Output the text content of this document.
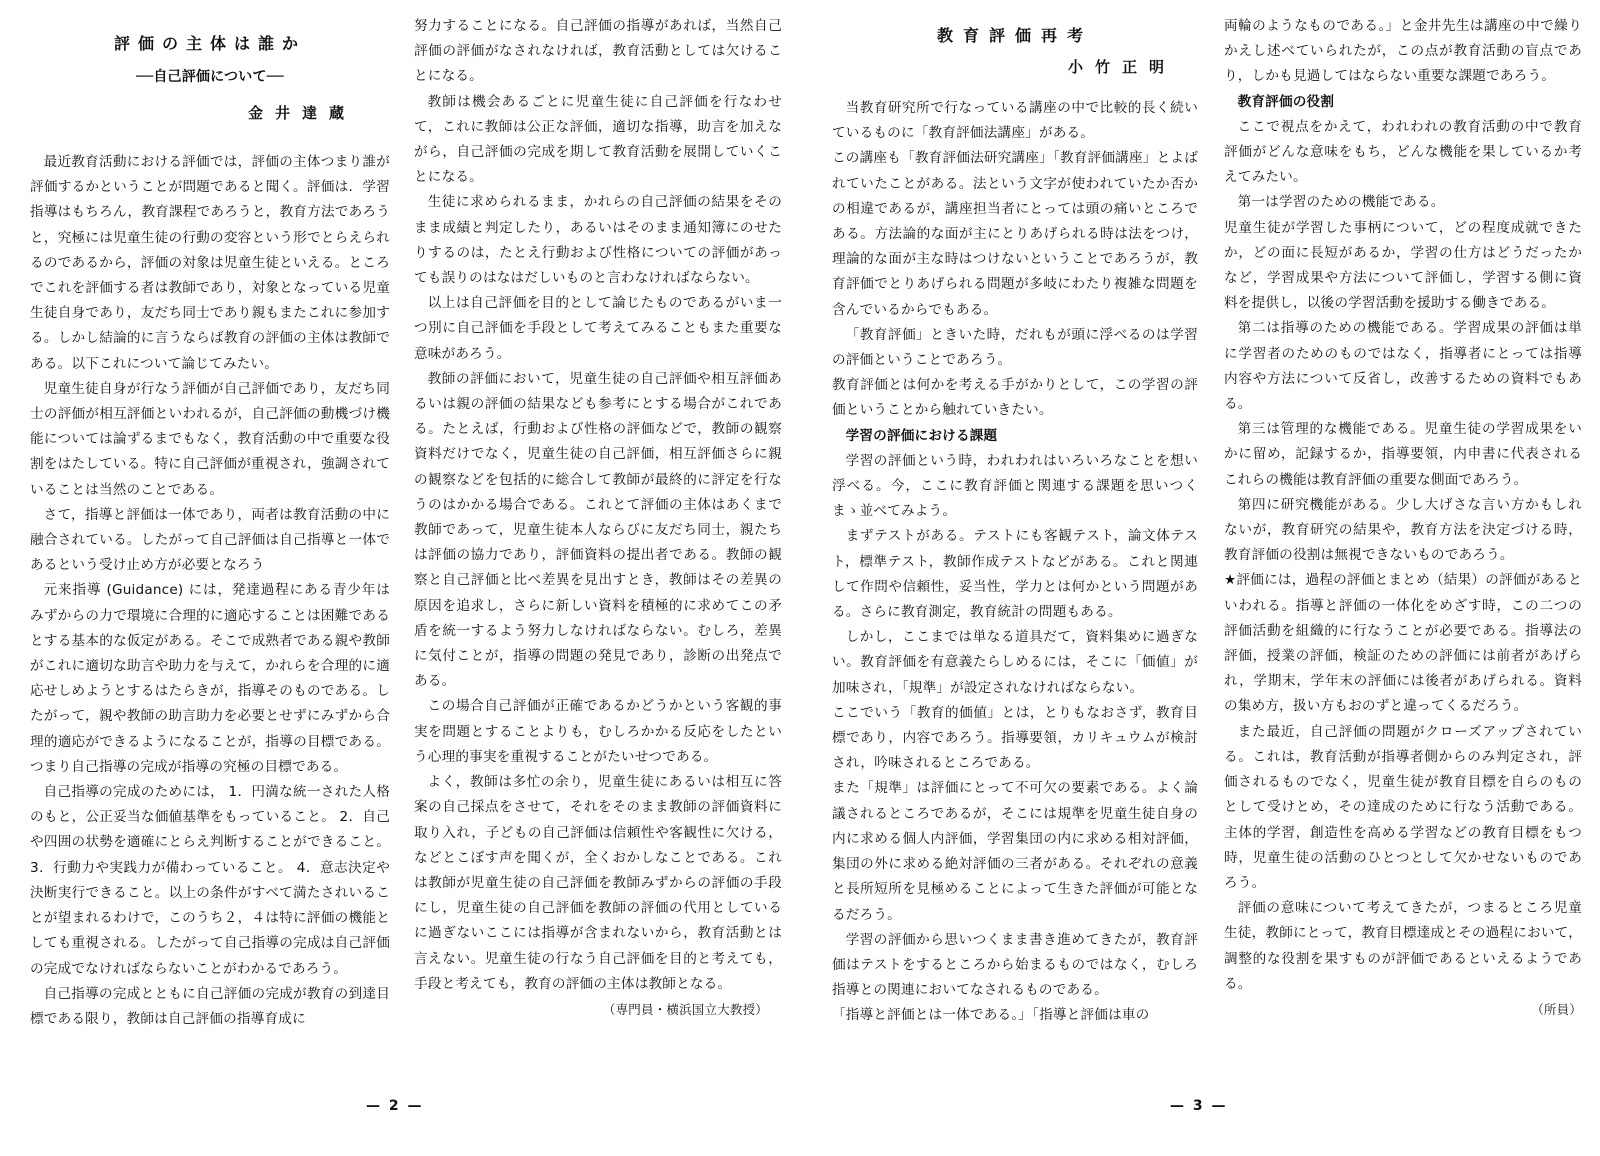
評価の主体は誰か
──自己評価について──
金井達蔵

最近教育活動における評価では，評価の主体つまり誰が評価するかということが問題であると聞く。評価は．学習指導はもちろん，教育課程であろうと，教育方法であろうと，究極には児童生徒の行動の変容という形でとらえられるのであるから，評価の対象は児童生徒といえる。ところでこれを評価する者は教師であり，対象となっている児童生徒自身であり，友だち同士であり親もまたこれに参加する。しかし結論的に言うならば教育の評価の主体は教師である。以下これについて論じてみたい。

児童生徒自身が行なう評価が自己評価であり，友だち同士の評価が相互評価といわれるが，自己評価の動機づけ機能については論ずるまでもなく，教育活動の中で重要な役割をはたしている。特に自己評価が重視され，強調されていることは当然のことである。

さて，指導と評価は一体であり，両者は教育活動の中に融合されている。したがって自己評価は自己指導と一体であるという受け止め方が必要となろう

元来指導 (Guidance) には，発達過程にある青少年はみずからの力で環境に合理的に適応することは困難であるとする基本的な仮定がある。そこで成熟者である親や教師がこれに適切な助言や助力を与えて，かれらを合理的に適応せしめようとするはたらきが，指導そのものである。したがって，親や教師の助言助力を必要とせずにみずから合理的適応ができるようになることが，指導の目標である。つまり自己指導の完成が指導の究極の目標である。

自己指導の完成のためには， 1．円満な統一された人格のもと，公正妥当な価値基準をもっていること。 2．自己や四囲の状勢を適確にとらえ判断することができること。 3．行動力や実践力が備わっていること。 4．意志決定や決断実行できること。以上の条件がすべて満たされいることが望まれるわけで，このうち２，４は特に評価の機能としても重視される。したがって自己指導の完成は自己評価の完成でなければならないことがわかるであろう。

自己指導の完成とともに自己評価の完成が教育の到達目標である限り，教師は自己評価の指導育成に

努力することになる。自己評価の指導があれば，当然自己評価の評価がなされなければ，教育活動としては欠けることになる。

教師は機会あるごとに児童生徒に自己評価を行なわせて，これに教師は公正な評価，適切な指導，助言を加えながら，自己評価の完成を期して教育活動を展開していくことになる。

生徒に求められるまま，かれらの自己評価の結果をそのまま成績と判定したり，あるいはそのまま通知簿にのせたりするのは，たとえ行動および性格についての評価があっても誤りのはなはだしいものと言わなければならない。

以上は自己評価を目的として論じたものであるがいま一つ別に自己評価を手段として考えてみることもまた重要な意味があろう。

教師の評価において，児童生徒の自己評価や相互評価あるいは親の評価の結果なども参考にとする場合がこれである。たとえば，行動および性格の評価などで，教師の観察資料だけでなく，児童生徒の自己評価，相互評価さらに親の観察などを包括的に総合して教師が最終的に評定を行なうのはかかる場合である。これとて評価の主体はあくまで教師であって，児童生徒本人ならびに友だち同士，親たちは評価の協力であり，評価資料の提出者である。教師の観察と自己評価と比べ差異を見出すとき，教師はその差異の原因を追求し，さらに新しい資料を積極的に求めてこの矛盾を統一するよう努力しなければならない。むしろ，差異に気付ことが，指導の問題の発見であり，診断の出発点である。

この場合自己評価が正確であるかどうかという客観的事実を問題とすることよりも，むしろかかる反応をしたという心理的事実を重視することがたいせつである。

よく，教師は多忙の余り，児童生徒にあるいは相互に答案の自己採点をさせて，それをそのまま教師の評価資料に取り入れ，子どもの自己評価は信頼性や客観性に欠ける，などとこぼす声を聞くが，全くおかしなことである。これは教師が児童生徒の自己評価を教師みずからの評価の手段にし，児童生徒の自己評価を教師の評価の代用としているに過ぎないここには指導が含まれないから，教育活動とは言えない。児童生徒の行なう自己評価を目的と考えても，手段と考えても，教育の評価の主体は教師となる。

（専門員・横浜国立大教授）
— 2 —
教育評価再考
小竹正明

当教育研究所で行なっている講座の中で比較的長く続いているものに「教育評価法講座」がある。

この講座も「教育評価法研究講座」「教育評価講座」とよばれていたことがある。法という文字が使われていたか否かの相違であるが，講座担当者にとっては頭の痛いところである。方法論的な面が主にとりあげられる時は法をつけ，理論的な面が主な時はつけないということであろうが，教育評価でとりあげられる問題が多岐にわたり複雑な問題を含んでいるからでもある。

「教育評価」ときいた時，だれもが頭に浮べるのは学習の評価ということであろう。

教育評価とは何かを考える手がかりとして，この学習の評価ということから触れていきたい。

学習の評価における課題

学習の評価という時，われわれはいろいろなことを想い浮べる。今，ここに教育評価と関連する課題を思いつくまゝ並べてみよう。

まずテストがある。テストにも客観テスト，論文体テスト，標準テスト，教師作成テストなどがある。これと関連して作問や信頼性，妥当性，学力とは何かという問題がある。さらに教育測定，教育統計の問題もある。

しかし，ここまでは単なる道具だて，資料集めに過ぎない。教育評価を有意義たらしめるには，そこに「価値」が加味され，「規準」が設定されなければならない。

ここでいう「教育的価値」とは，とりもなおさず，教育目標であり，内容であろう。指導要領，カリキュウムが検討され，吟味されるところである。

また「規準」は評価にとって不可欠の要素である。よく論議されるところであるが，そこには規準を児童生徒自身の内に求める個人内評価，学習集団の内に求める相対評価，集団の外に求める絶対評価の三者がある。それぞれの意義と長所短所を見極めることによって生きた評価が可能となるだろう。

学習の評価から思いつくまま書き進めてきたが，教育評価はテストをするところから始まるものではなく，むしろ指導との関連においてなされるものである。

「指導と評価とは一体である。」「指導と評価は車の

両輪のようなものである。」と金井先生は講座の中で繰りかえし述べていられたが，この点が教育活動の盲点であり，しかも見過してはならない重要な課題であろう。

教育評価の役割

ここで視点をかえて，われわれの教育活動の中で教育評価がどんな意味をもち，どんな機能を果しているか考えてみたい。

第一は学習のための機能である。

児童生徒が学習した事柄について，どの程度成就できたか，どの面に長短があるか，学習の仕方はどうだったかなど，学習成果や方法について評価し，学習する側に資料を提供し，以後の学習活動を援助する働きである。

第二は指導のための機能である。学習成果の評価は単に学習者のためのものではなく，指導者にとっては指導内容や方法について反省し，改善するための資料でもある。

第三は管理的な機能である。児童生徒の学習成果をいかに留め，記録するか，指導要領，内申書に代表されるこれらの機能は教育評価の重要な側面であろう。

第四に研究機能がある。少し大げさな言い方かもしれないが，教育研究の結果や，教育方法を決定づける時，教育評価の役割は無視できないものであろう。

★評価には，過程の評価とまとめ（結果）の評価があるといわれる。指導と評価の一体化をめざす時，この二つの評価活動を組織的に行なうことが必要である。指導法の評価，授業の評価，検証のための評価には前者があげられ，学期末，学年末の評価には後者があげられる。資料の集め方，扱い方もおのずと違ってくるだろう。

また最近，自己評価の問題がクローズアップされている。これは，教育活動が指導者側からのみ判定され，評価されるものでなく，児童生徒が教育目標を自らのものとして受けとめ，その達成のために行なう活動である。主体的学習，創造性を高める学習などの教育目標をもつ時，児童生徒の活動のひとつとして欠かせないものであろう。

評価の意味について考えてきたが，つまるところ児童生徒，教師にとって，教育目標達成とその過程において，調整的な役割を果すものが評価であるといえるようである。

（所員）
— 3 —
